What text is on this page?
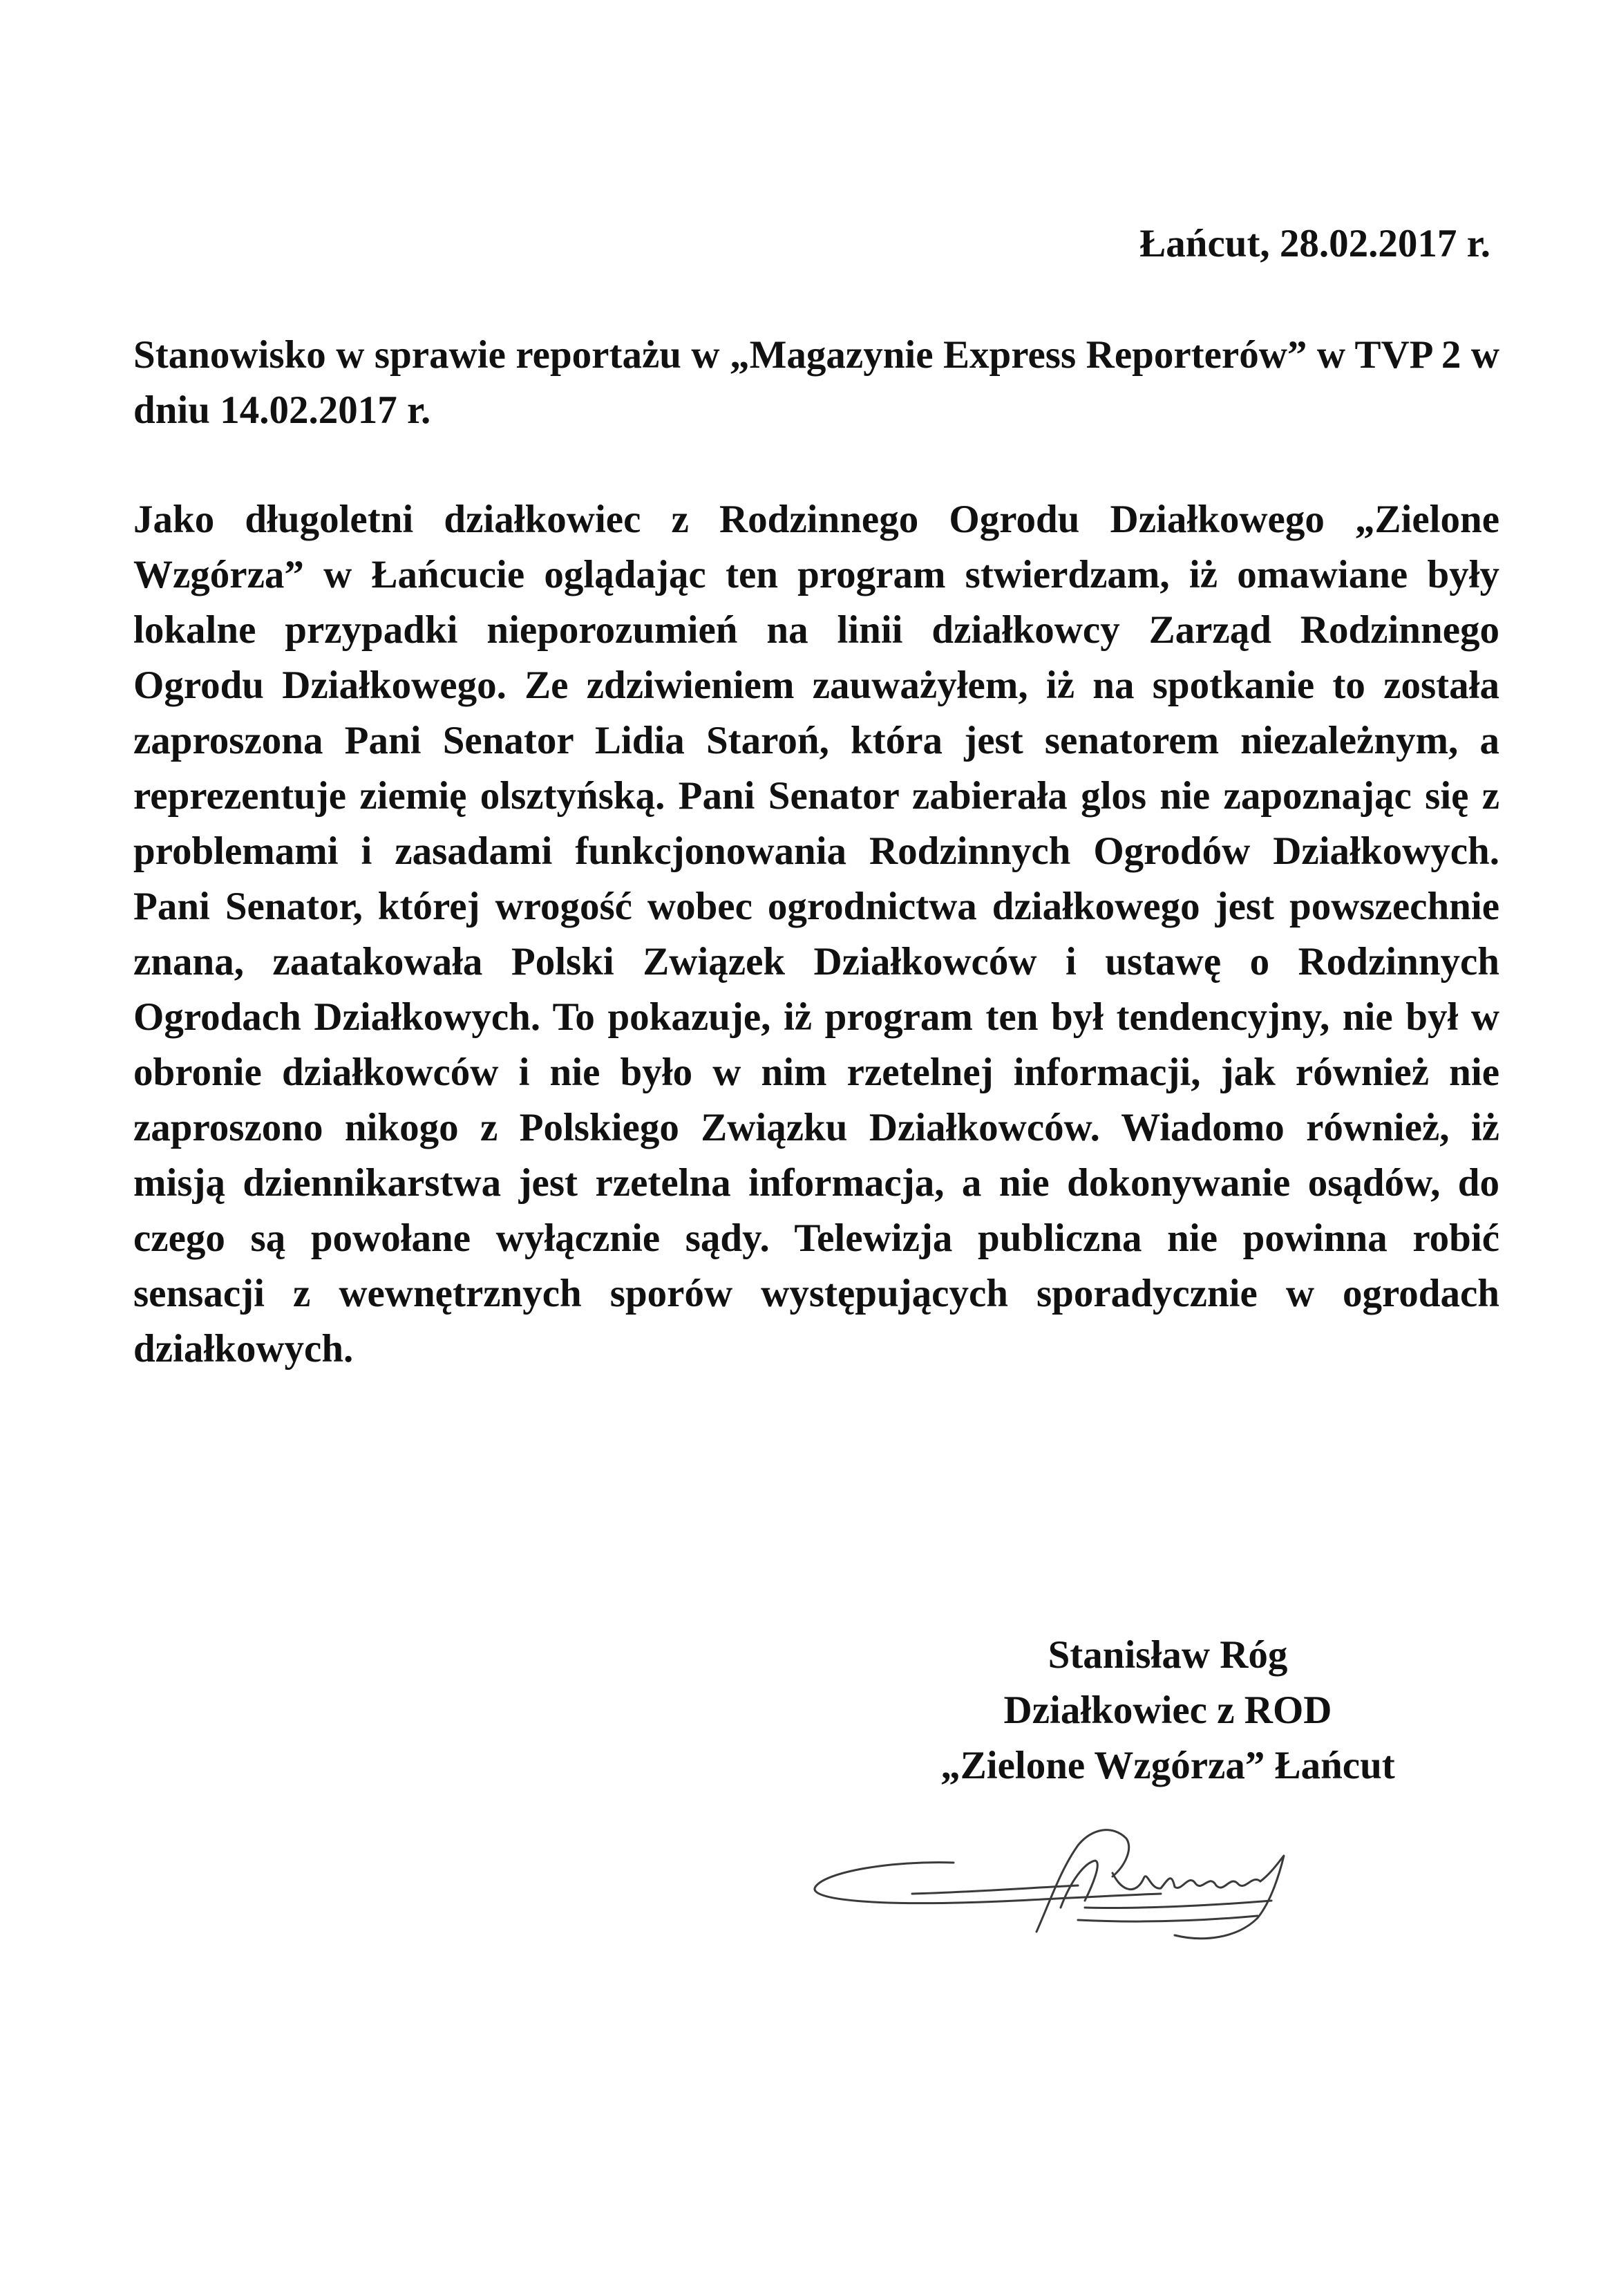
Łańcut, 28.02.2017 r.
Stanowisko w sprawie reportażu w „Magazynie Express Reporterów” w TVP 2 w dniu 14.02.2017 r.
Jako długoletni działkowiec z Rodzinnego Ogrodu Działkowego „Zielone Wzgórza” w Łańcucie oglądając ten program stwierdzam, iż omawiane były lokalne przypadki nieporozumień na linii działkowcy Zarząd Rodzinnego Ogrodu Działkowego. Ze zdziwieniem zauważyłem, iż na spotkanie to została zaproszona Pani Senator Lidia Staroń, która jest senatorem niezależnym, a reprezentuje ziemię olsztyńską. Pani Senator zabierała glos nie zapoznając się z problemami i zasadami funkcjonowania Rodzinnych Ogrodów Działkowych. Pani Senator, której wrogość wobec ogrodnictwa działkowego jest powszechnie znana, zaatakowała Polski Związek Działkowców i ustawę o Rodzinnych Ogrodach Działkowych. To pokazuje, iż program ten był tendencyjny, nie był w obronie działkowców i nie było w nim rzetelnej informacji, jak również nie zaproszono nikogo z Polskiego Związku Działkowców. Wiadomo również, iż misją dziennikarstwa jest rzetelna informacja, a nie dokonywanie osądów, do czego są powołane wyłącznie sądy. Telewizja publiczna nie powinna robić sensacji z wewnętrznych sporów występujących sporadycznie w ogrodach działkowych.
Stanisław Róg
Działkowiec z ROD
„Zielone Wzgórza” Łańcut
